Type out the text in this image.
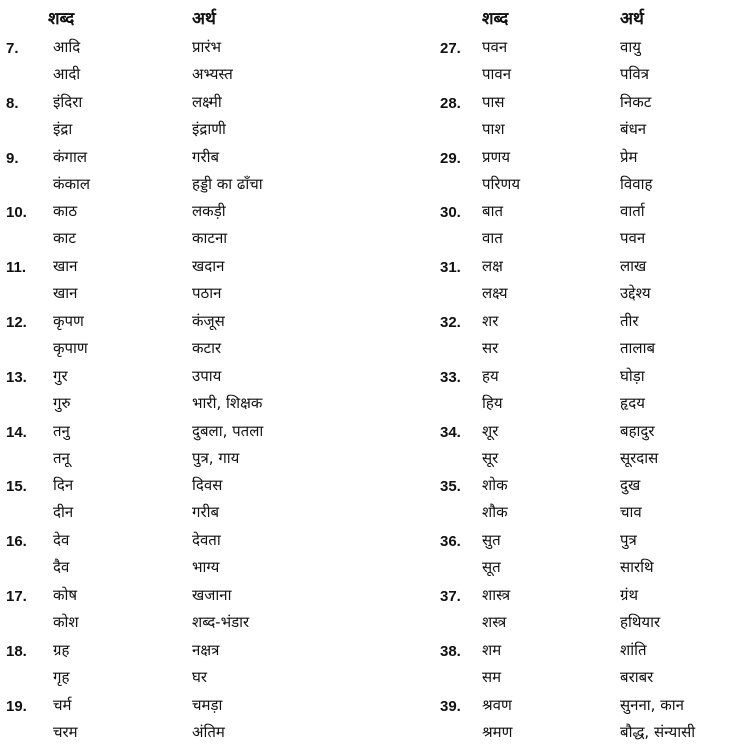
शब्द	अर्थ
7. आदि	प्रारंभ
आदी	अभ्यस्त
8. इंदिरा	लक्ष्मी
इंद्रा	इंद्राणी
9. कंगाल	गरीब
कंकाल	हड्डी का ढाँचा
10. काठ	लकड़ी
काट	काटना
11. खान	खदान
खान	पठान
12. कृपण	कंजूस
कृपाण	कटार
13. गुर	उपाय
गुरु	भारी, शिक्षक
14. तनु	दुबला, पतला
तनू	पुत्र, गाय
15. दिन	दिवस
दीन	गरीब
16. देव	देवता
दैव	भाग्य
17. कोष	खजाना
कोश	शब्द-भंडार
18. ग्रह	नक्षत्र
गृह	घर
19. चर्म	चमड़ा
चरम	अंतिम
शब्द	अर्थ
27. पवन	वायु
पावन	पवित्र
28. पास	निकट
पाश	बंधन
29. प्रणय	प्रेम
परिणय	विवाह
30. बात	वार्ता
वात	पवन
31. लक्ष	लाख
लक्ष्य	उद्देश्य
32. शर	तीर
सर	तालाब
33. हय	घोड़ा
हिय	हृदय
34. शूर	बहादुर
सूर	सूरदास
35. शोक	दुख
शौक	चाव
36. सुत	पुत्र
सूत	सारथि
37. शास्त्र	ग्रंथ
शस्त्र	हथियार
38. शम	शांति
सम	बराबर
39. श्रवण	सुनना, कान
श्रमण	बौद्ध, संन्यासी
